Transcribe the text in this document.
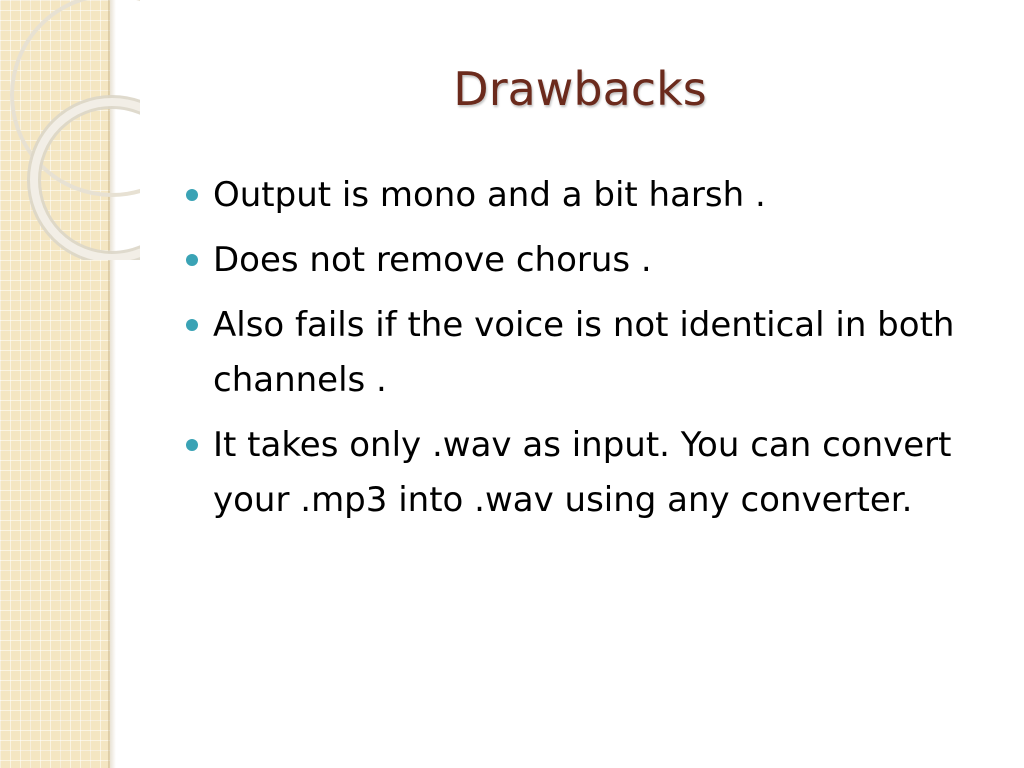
Drawbacks
Output is mono and a bit harsh .
Does not remove chorus .
Also fails if the voice is not identical in both channels .
It takes only .wav as input. You can convert your .mp3 into .wav using any converter.
